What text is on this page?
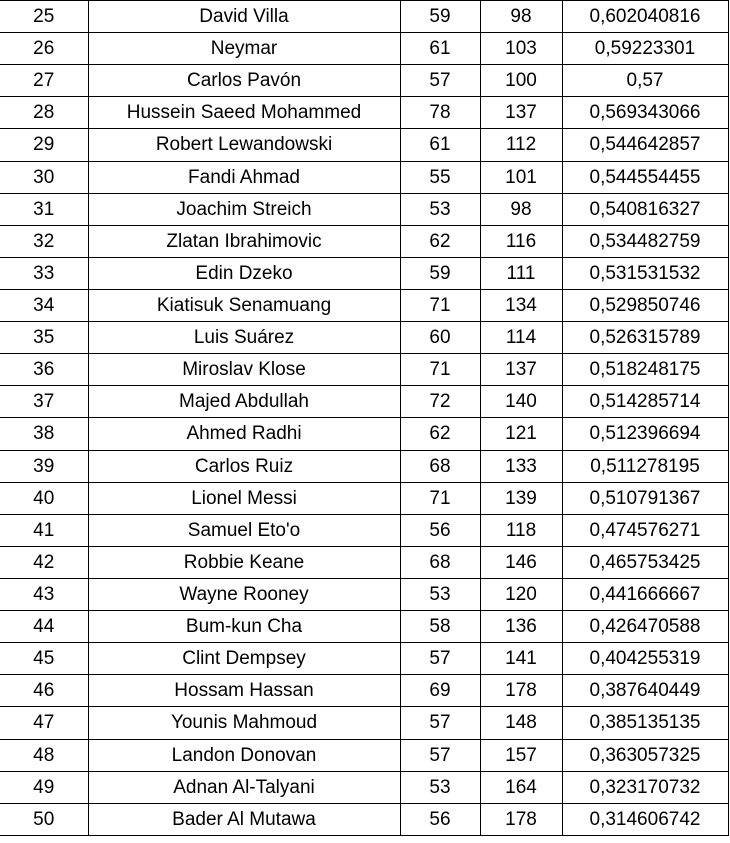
25	David Villa	59	98	0,602040816
26	Neymar	61	103	0,59223301
27	Carlos Pavón	57	100	0,57
28	Hussein Saeed Mohammed	78	137	0,569343066
29	Robert Lewandowski	61	112	0,544642857
30	Fandi Ahmad	55	101	0,544554455
31	Joachim Streich	53	98	0,540816327
32	Zlatan Ibrahimovic	62	116	0,534482759
33	Edin Dzeko	59	111	0,531531532
34	Kiatisuk Senamuang	71	134	0,529850746
35	Luis Suárez	60	114	0,526315789
36	Miroslav Klose	71	137	0,518248175
37	Majed Abdullah	72	140	0,514285714
38	Ahmed Radhi	62	121	0,512396694
39	Carlos Ruiz	68	133	0,511278195
40	Lionel Messi	71	139	0,510791367
41	Samuel Eto'o	56	118	0,474576271
42	Robbie Keane	68	146	0,465753425
43	Wayne Rooney	53	120	0,441666667
44	Bum-kun Cha	58	136	0,426470588
45	Clint Dempsey	57	141	0,404255319
46	Hossam Hassan	69	178	0,387640449
47	Younis Mahmoud	57	148	0,385135135
48	Landon Donovan	57	157	0,363057325
49	Adnan Al-Talyani	53	164	0,323170732
50	Bader Al Mutawa	56	178	0,314606742
